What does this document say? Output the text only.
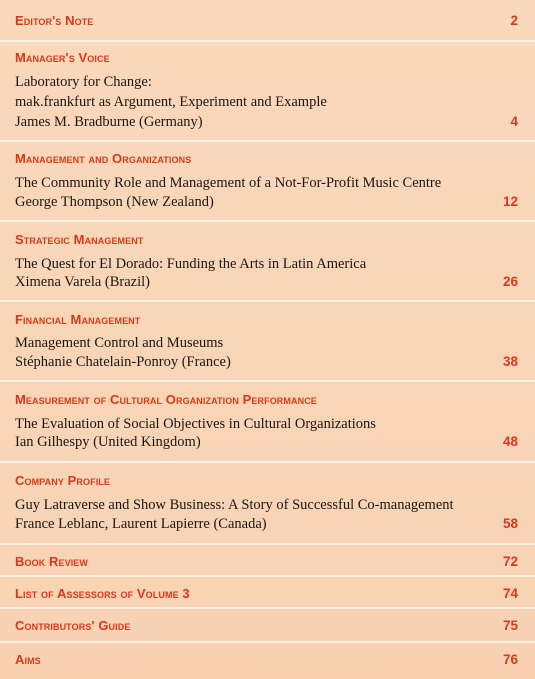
Editor's Note	2
Manager's Voice
Laboratory for Change:
mak.frankfurt as Argument, Experiment and Example
James M. Bradburne (Germany)	4
Management and Organizations
The Community Role and Management of a Not-For-Profit Music Centre
George Thompson (New Zealand)	12
Strategic Management
The Quest for El Dorado: Funding the Arts in Latin America
Ximena Varela (Brazil)	26
Financial Management
Management Control and Museums
Stéphanie Chatelain-Ponroy (France)	38
Measurement of Cultural Organization Performance
The Evaluation of Social Objectives in Cultural Organizations
Ian Gilhespy (United Kingdom)	48
Company Profile
Guy Latraverse and Show Business: A Story of Successful Co-management
France Leblanc, Laurent Lapierre (Canada)	58
Book Review	72
List of Assessors of Volume 3	74
Contributors' Guide	75
Aims	76
